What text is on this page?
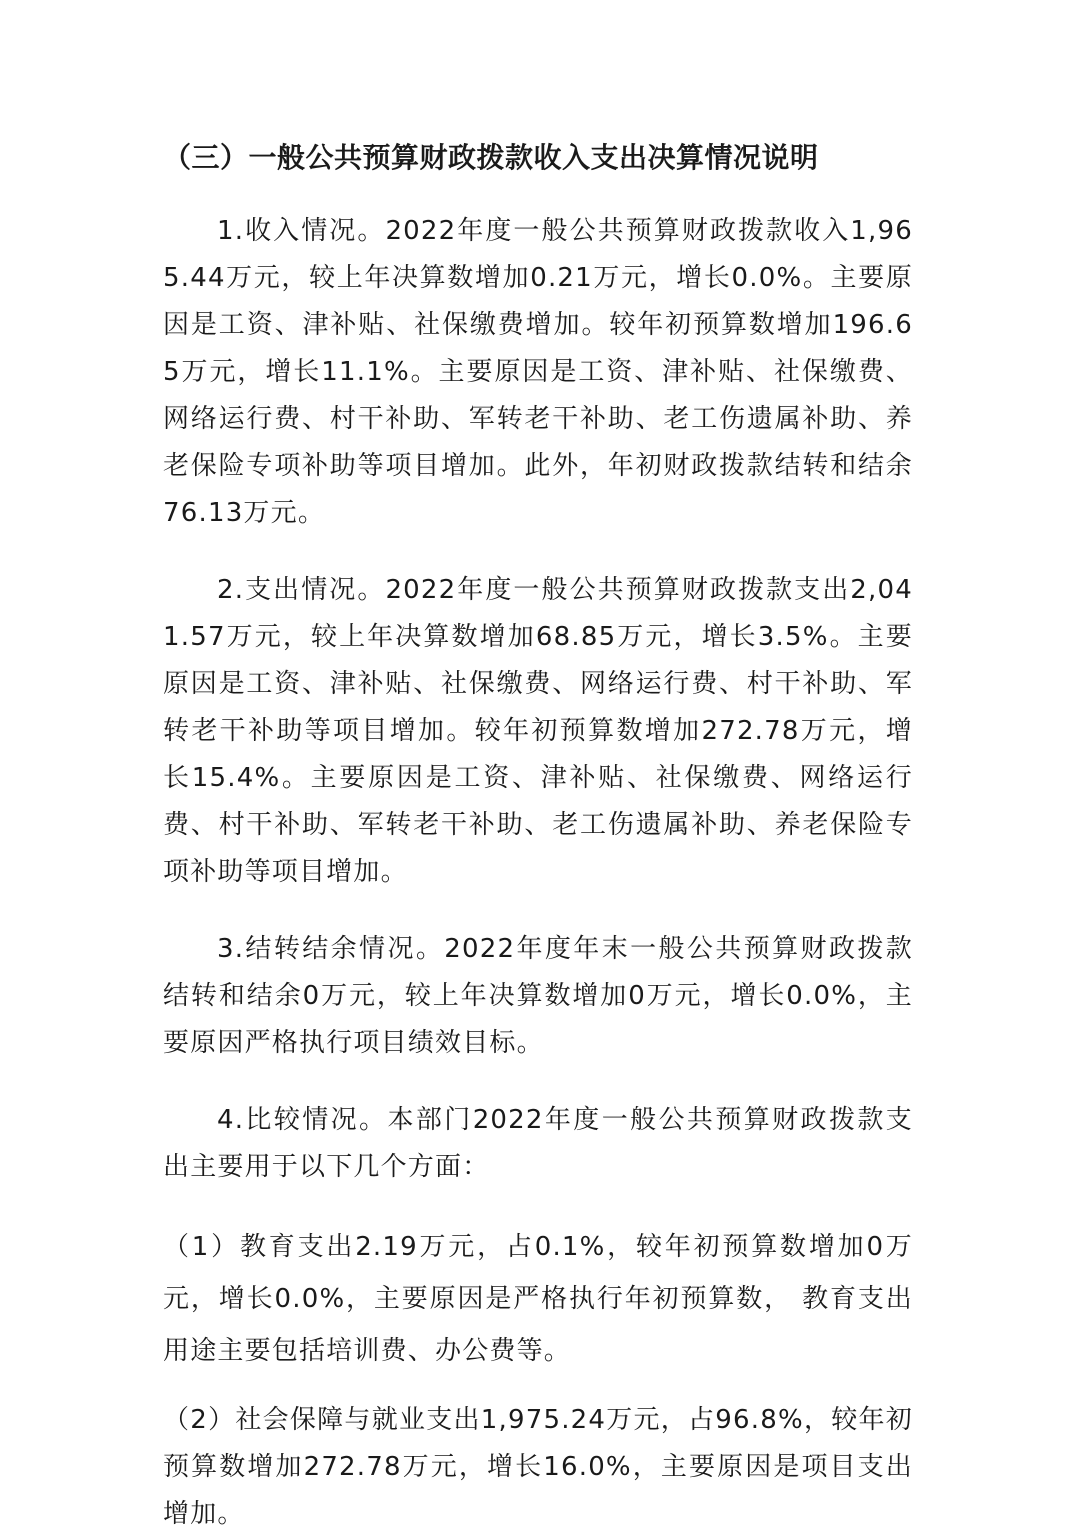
（三）一般公共预算财政拨款收入支出决算情况说明

1.收入情况。2022年度一般公共预算财政拨款收入1,965.44万元，较上年决算数增加0.21万元，增长0.0%。主要原因是工资、津补贴、社保缴费增加。较年初预算数增加196.65万元，增长11.1%。主要原因是工资、津补贴、社保缴费、网络运行费、村干补助、军转老干补助、老工伤遗属补助、养老保险专项补助等项目增加。此外，年初财政拨款结转和结余76.13万元。

2.支出情况。2022年度一般公共预算财政拨款支出2,041.57万元，较上年决算数增加68.85万元，增长3.5%。主要原因是工资、津补贴、社保缴费、网络运行费、村干补助、军转老干补助等项目增加。较年初预算数增加272.78万元，增长15.4%。主要原因是工资、津补贴、社保缴费、网络运行费、村干补助、军转老干补助、老工伤遗属补助、养老保险专项补助等项目增加。

3.结转结余情况。2022年度年末一般公共预算财政拨款结转和结余0万元，较上年决算数增加0万元，增长0.0%，主要原因严格执行项目绩效目标。

4.比较情况。本部门2022年度一般公共预算财政拨款支出主要用于以下几个方面：

（1）教育支出2.19万元，占0.1%，较年初预算数增加0万元，增长0.0%，主要原因是严格执行年初预算数， 教育支出用途主要包括培训费、办公费等。

（2）社会保障与就业支出1,975.24万元，占96.8%，较年初预算数增加272.78万元，增长16.0%，主要原因是项目支出增加。
